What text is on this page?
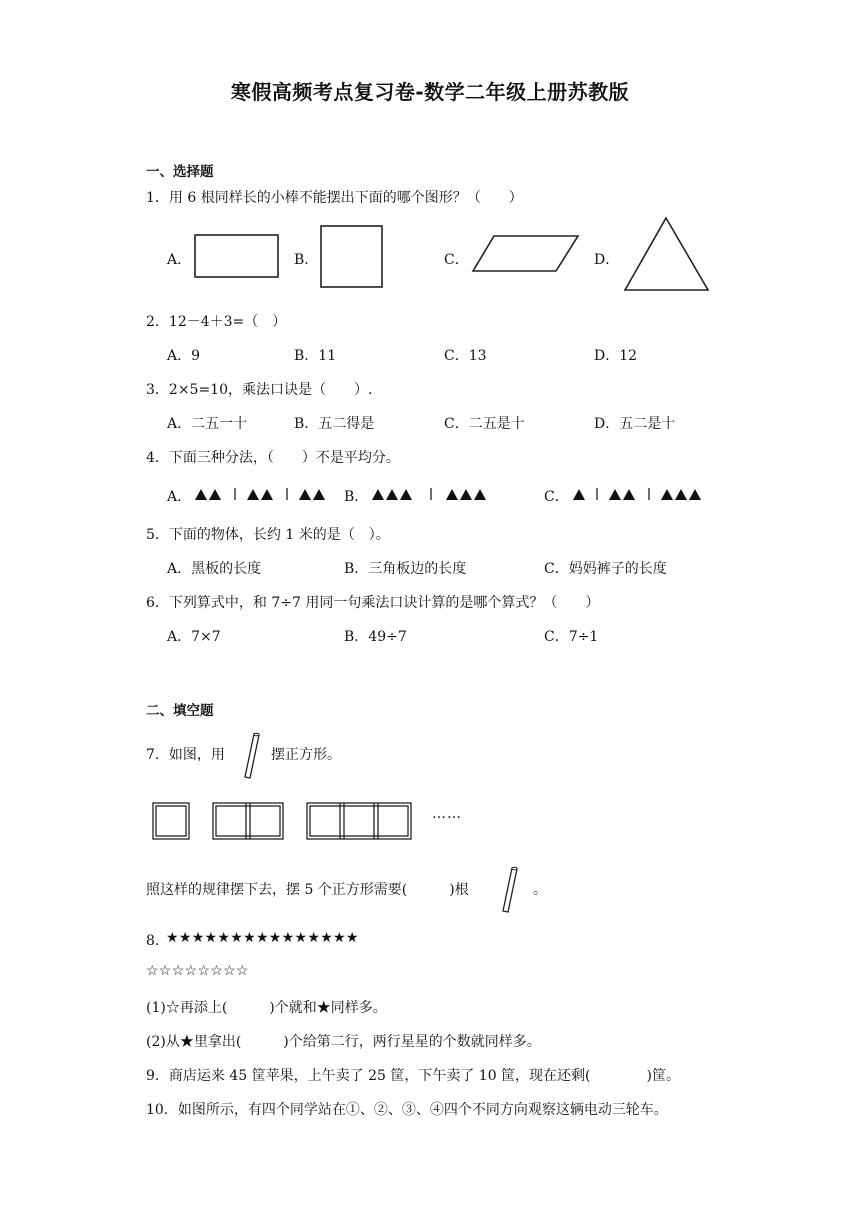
寒假高频考点复习卷-数学二年级上册苏教版
一、选择题
1．用 6 根同样长的小棒不能摆出下面的哪个图形？（　　）
A．	B．	C．	D．
2．12－4＋3=（　）
A．9	B．11	C．13	D．12
3．2×5=10，乘法口诀是（　　）.
A．二五一十	B．五二得是	C．二五是十	D．五二是十
4．下面三种分法，（　　）不是平均分。
A．	B．	C．
5．下面的物体，长约 1 米的是（　）。
A．黑板的长度	B．三角板边的长度	C．妈妈裤子的长度
6．下列算式中，和 7÷7 用同一句乘法口诀计算的是哪个算式？（　　）
A．7×7	B．49÷7	C．7÷1
二、填空题
7．如图，用	摆正方形。
……
照这样的规律摆下去，摆 5 个正方形需要(　　　)根	。
8．
★★★★★★★★★★★★★★★
☆☆☆☆☆☆☆☆
(1)☆再添上(　　　)个就和★同样多。
(2)从★里拿出(　　　)个给第二行，两行星星的个数就同样多。
9．商店运来 45 筐苹果，上午卖了 25 筐，下午卖了 10 筐，现在还剩(　　　　)筐。
10．如图所示，有四个同学站在①、②、③、④四个不同方向观察这辆电动三轮车。
